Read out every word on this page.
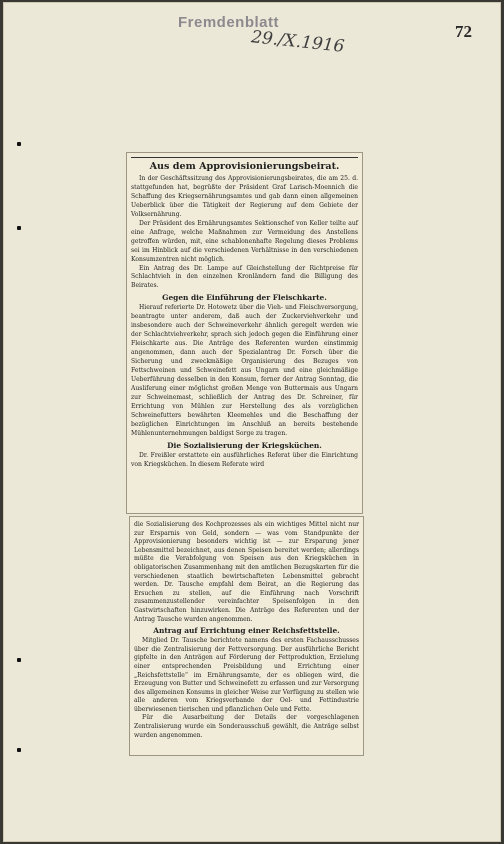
Fremdenblatt
29./X.1916	72
Aus dem Approvisionierungsbeirat.

In der Geschäftssitzung des Approvisionierungsbeirates, die am 25. d. stattgefunden hat, begrüßte der Präsident Graf Larisch-Moennich die Schaffung des Kriegsernährungsamtes und gab dann einen allgemeinen Ueberblick über die Tätigkeit der Regierung auf dem Gebiete der Volksernährung.

Der Präsident des Ernährungsamtes Sektionschef von Keller teilte auf eine Anfrage, welche Maßnahmen zur Vermeidung des Anstellens getroffen würden, mit, eine schablonenhafte Regelung dieses Problems sei im Hinblick auf die verschiedenen Verhältnisse in den verschiedenen Konsumzentren nicht möglich.

Ein Antrag des Dr. Lampe auf Gleichstellung der Richtpreise für Schlachtvieh in den einzelnen Kronländern fand die Billigung des Beirates.

Gegen die Einführung der Fleischkarte.

Hierauf referierte Dr. Hotowetz über die Vieh- und Fleischversorgung, beantragte unter anderem, daß auch der Zuckerviehverkehr und insbesondere auch der Schweineverkehr ähnlich geregelt werden wie der Schlachtviehverkehr, sprach sich jedoch gegen die Einführung einer Fleischkarte aus. Die Anträge des Referenten wurden einstimmig angenommen, dann auch der Spezialantrag Dr. Forsch über die Sicherung und zweckmäßige Organisierung des Bezuges von Fettschweinen und Schweinefett aus Ungarn und eine gleichmäßige Ueberführung desselben in den Konsum, ferner der Antrag Sonntag, die Ausliferung einer möglichst großen Menge von Buttermais aus Ungarn zur Schweinemast, schließlich der Antrag des Dr. Schreiner, für Errichtung von Mühlen zur Herstellung des als vorzüglichen Schweinefutters bewährten Kleemehles und die Beschaffung der bezüglichen Einrichtungen im Anschluß an bereits bestehende Mühlenunternehmungen baldigst Sorge zu tragen.

Die Sozialisierung der Kriegsküchen.

Dr. Freißler erstattete ein ausführliches Referat über die Einrichtung von Kriegsküchen. In diesem Referate wird

die Sozialisierung des Kochprozesses als ein wichtiges Mittel nicht nur zur Ersparnis von Geld, sondern — was vom Standpunkte der Approvisionierung besonders wichtig ist — zur Ersparung jener Lebensmittel bezeichnet, aus denen Speisen bereitet werden; allerdings müßte die Verabfolgung von Speisen aus den Kriegsküchen in obligatorischen Zusammenhang mit den amtlichen Bezugskarten für die verschiedenen staatlich bewirtschafteten Lebensmittel gebracht werden. Dr. Tausche empfahl dem Beirat, an die Regierung das Ersuchen zu stellen, auf die Einführung nach Vorschrift zusammenzustellender vereinfachter Speisenfolgen in den Gastwirtschaften hinzuwirken. Die Anträge des Referenten und der Antrag Tausche wurden angenommen.

Antrag auf Errichtung einer Reichsfettstelle.

Mitglied Dr. Tausche berichtete namens des ersten Fachausschusses über die Zentralisierung der Fettversorgung. Der ausführliche Bericht gipfelte in den Anträgen auf Förderung der Fettproduktion, Erzielung einer entsprechenden Preisbildung und Errichtung einer „Reichsfettstelle“ im Ernährungsamte, der es obliegen wird, die Erzeugung von Butter und Schweinefett zu erfassen und zur Versorgung des allgemeinen Konsums in gleicher Weise zur Verfügung zu stellen wie alle anderen vom Kriegsverbande der Oel- und Fettindustrie überwiesenen tierischen und pflanzlichen Oele und Fette.

Für die Ausarbeitung der Details der vorgeschlagenen Zentralisierung wurde ein Sonderausschuß gewählt, die Anträge selbst wurden angenommen.
